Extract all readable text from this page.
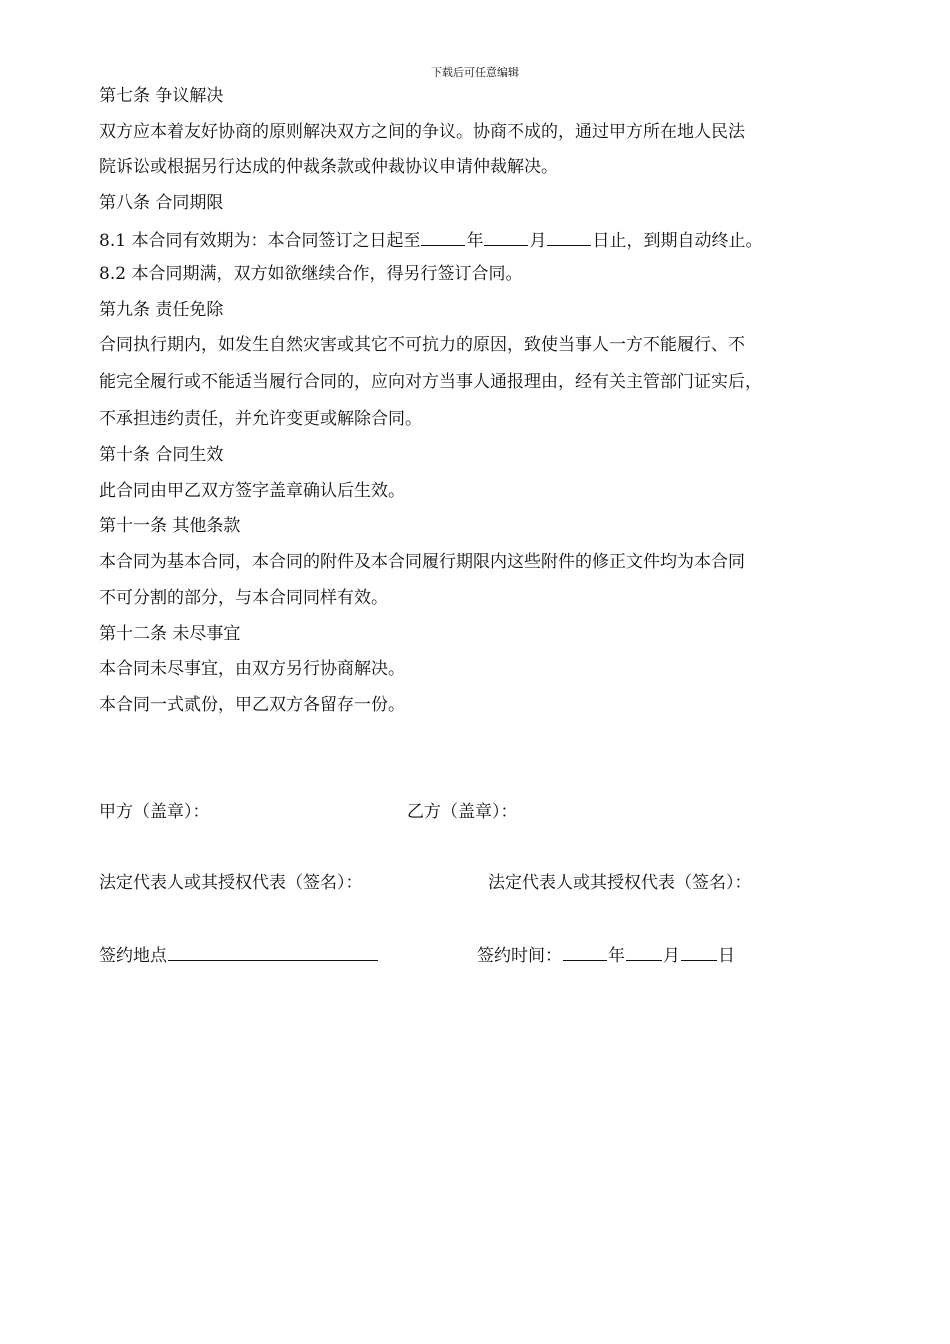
下载后可任意编辑
第七条 争议解决
双方应本着友好协商的原则解决双方之间的争议。协商不成的，通过甲方所在地人民法
院诉讼或根据另行达成的仲裁条款或仲裁协议申请仲裁解决。
第八条 合同期限
8.1 本合同有效期为：本合同签订之日起至	年	月	日止，到期自动终止。
8.2 本合同期满，双方如欲继续合作，得另行签订合同。
第九条 责任免除
合同执行期内，如发生自然灾害或其它不可抗力的原因，致使当事人一方不能履行、不
能完全履行或不能适当履行合同的，应向对方当事人通报理由，经有关主管部门证实后，
不承担违约责任，并允许变更或解除合同。
第十条 合同生效
此合同由甲乙双方签字盖章确认后生效。
第十一条 其他条款
本合同为基本合同，本合同的附件及本合同履行期限内这些附件的修正文件均为本合同
不可分割的部分，与本合同同样有效。
第十二条 未尽事宜
本合同未尽事宜，由双方另行协商解决。
本合同一式贰份，甲乙双方各留存一份。
甲方（盖章）：	乙方（盖章）：
法定代表人或其授权代表（签名）：	法定代表人或其授权代表（签名）：
签约地点	签约时间：	年 月 日
